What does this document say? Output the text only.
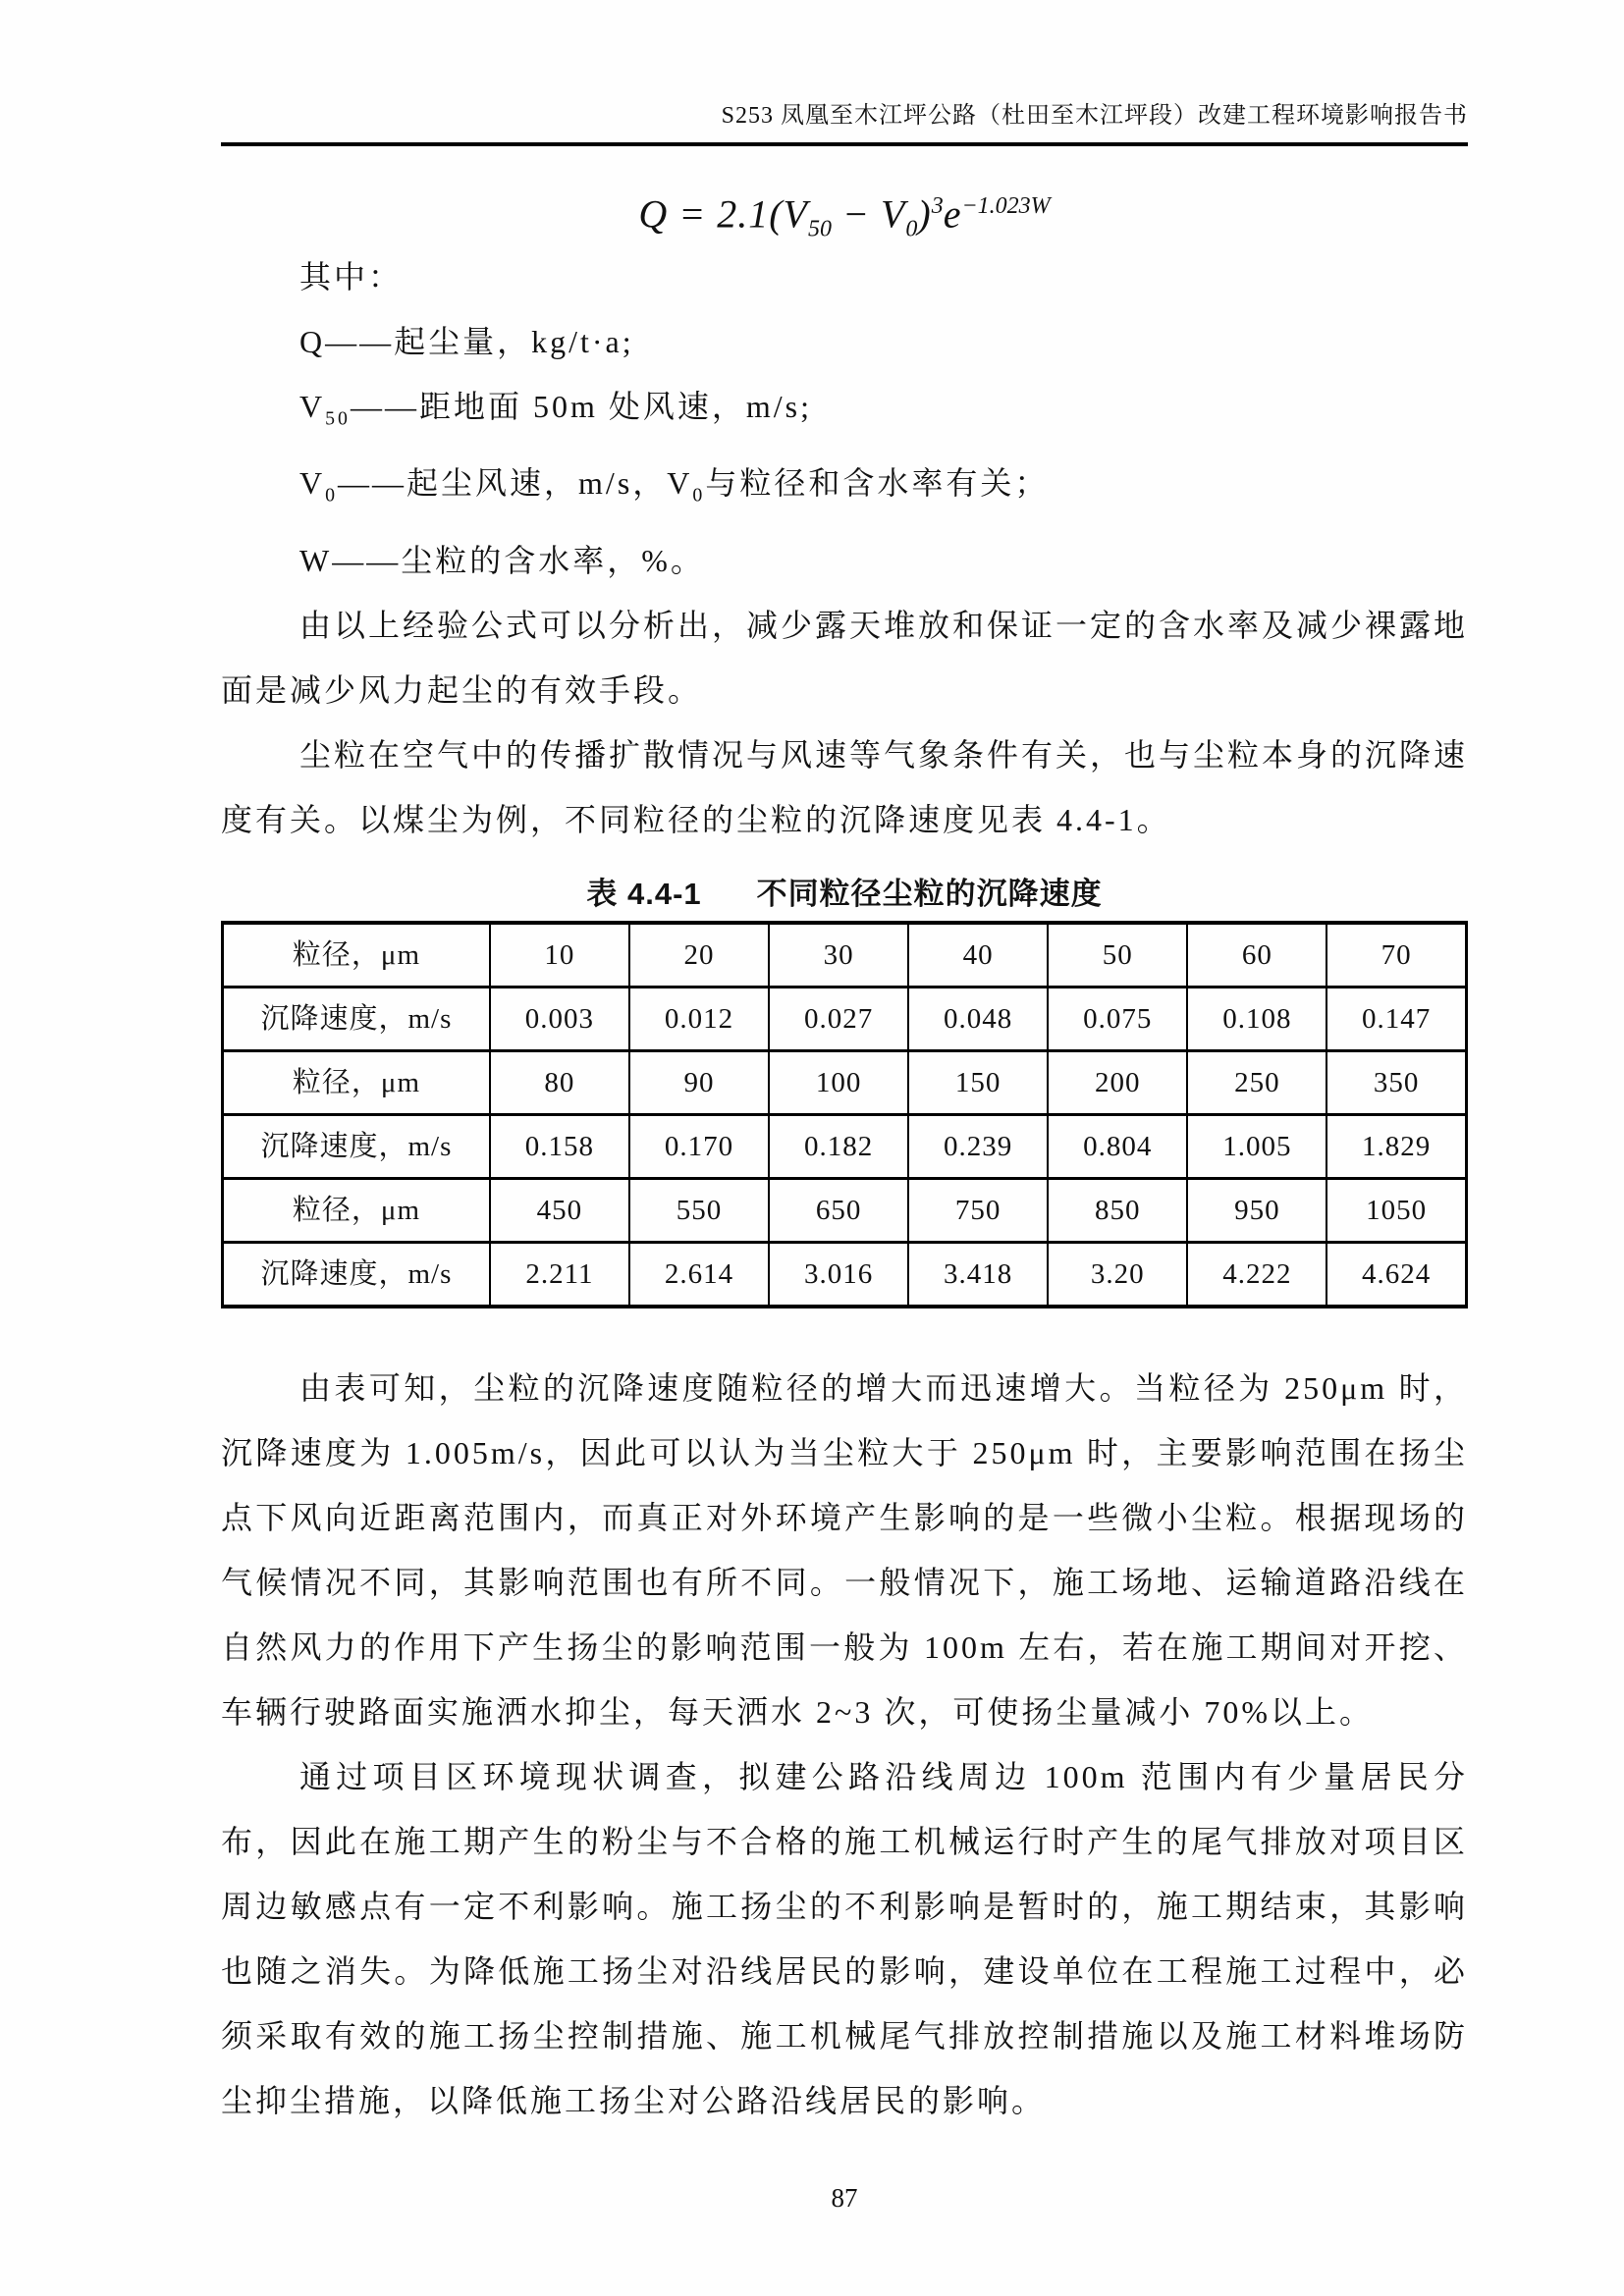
S253 凤凰至木江坪公路（杜田至木江坪段）改建工程环境影响报告书
$Q = 2.1(V_{50} - V_0)^3e^{-1.023W}$
其中：
Q——起尘量，kg/t·a;
$V_{50}——$距地面 50m 处风速，m/s;
$V_0——$起尘风速，m/s，$V_0$与粒径和含水率有关；
W——尘粒的含水率，%。

由以上经验公式可以分析出，减少露天堆放和保证一定的含水率及减少裸露地面是减少风力起尘的有效手段。

尘粒在空气中的传播扩散情况与风速等气象条件有关，也与尘粒本身的沉降速度有关。以煤尘为例，不同粒径的尘粒的沉降速度见表 4.4-1。

表 4.4-1 不同粒径尘粒的沉降速度
粒径，μm	10	20	30	40	50	60	70
沉降速度，m/s	0.003	0.012	0.027	0.048	0.075	0.108	0.147
粒径，μm	80	90	100	150	200	250	350
沉降速度，m/s	0.158	0.170	0.182	0.239	0.804	1.005	1.829
粒径，μm	450	550	650	750	850	950	1050
沉降速度，m/s	2.211	2.614	3.016	3.418	3.20	4.222	4.624

由表可知，尘粒的沉降速度随粒径的增大而迅速增大。当粒径为 250μm 时，沉降速度为 1.005m/s，因此可以认为当尘粒大于 250μm 时，主要影响范围在扬尘点下风向近距离范围内，而真正对外环境产生影响的是一些微小尘粒。根据现场的气候情况不同，其影响范围也有所不同。一般情况下，施工场地、运输道路沿线在自然风力的作用下产生扬尘的影响范围一般为 100m 左右，若在施工期间对开挖、车辆行驶路面实施洒水抑尘，每天洒水 2~3 次，可使扬尘量减小 70%以上。

通过项目区环境现状调查，拟建公路沿线周边 100m 范围内有少量居民分布，因此在施工期产生的粉尘与不合格的施工机械运行时产生的尾气排放对项目区周边敏感点有一定不利影响。施工扬尘的不利影响是暂时的，施工期结束，其影响也随之消失。为降低施工扬尘对沿线居民的影响，建设单位在工程施工过程中，必须采取有效的施工扬尘控制措施、施工机械尾气排放控制措施以及施工材料堆场防尘抑尘措施，以降低施工扬尘对公路沿线居民的影响。

87
